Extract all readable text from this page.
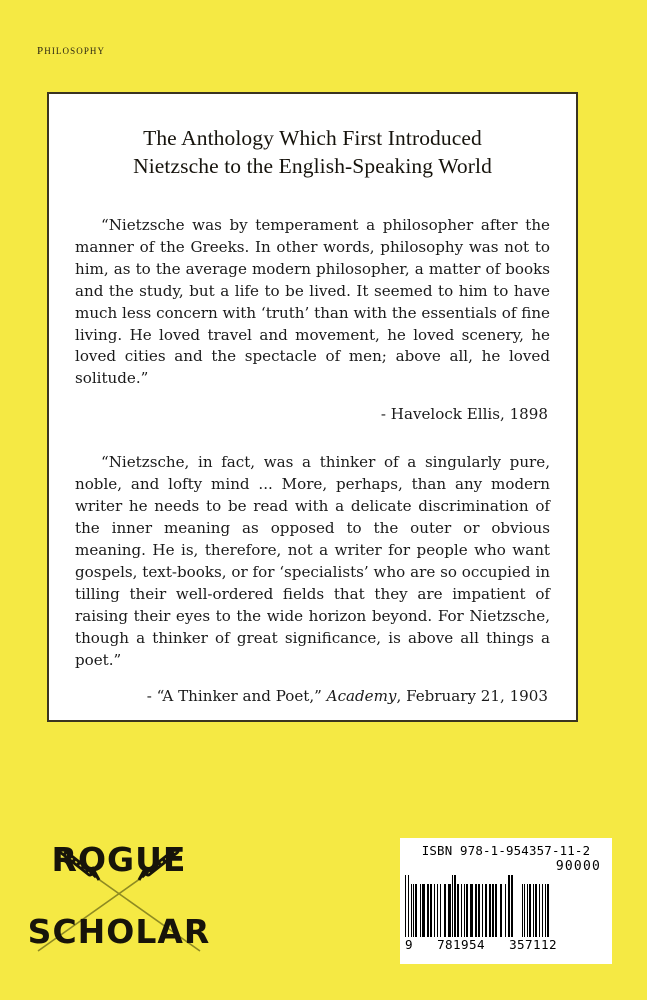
philosophy
The Anthology Which First Introduced
Nietzsche to the English-Speaking World

“Nietzsche was by temperament a philosopher after the manner of the Greeks. In other words, philosophy was not to him, as to the average modern philosopher, a matter of books and the study, but a life to be lived. It seemed to him to have much less concern with ‘truth’ than with the essentials of fine living. He loved travel and movement, he loved scenery, he loved cities and the spectacle of men; above all, he loved solitude.”

- Havelock Ellis, 1898

“Nietzsche, in fact, was a thinker of a singularly pure, noble, and lofty mind ... More, perhaps, than any modern writer he needs to be read with a delicate discrimination of the inner meaning as opposed to the outer or obvious meaning. He is, therefore, not a writer for people who want gospels, text-books, or for ‘specialists’ who are so occupied in tilling their well-ordered fields that they are impatient of raising their eyes to the wide horizon beyond. For Nietzsche, though a thinker of great significance, is above all things a poet.”

- “A Thinker and Poet,” Academy, February 21, 1903
ROGUE
SCHOLAR
ISBN 978-1-954357-11-2
90000
9 781954 357112
